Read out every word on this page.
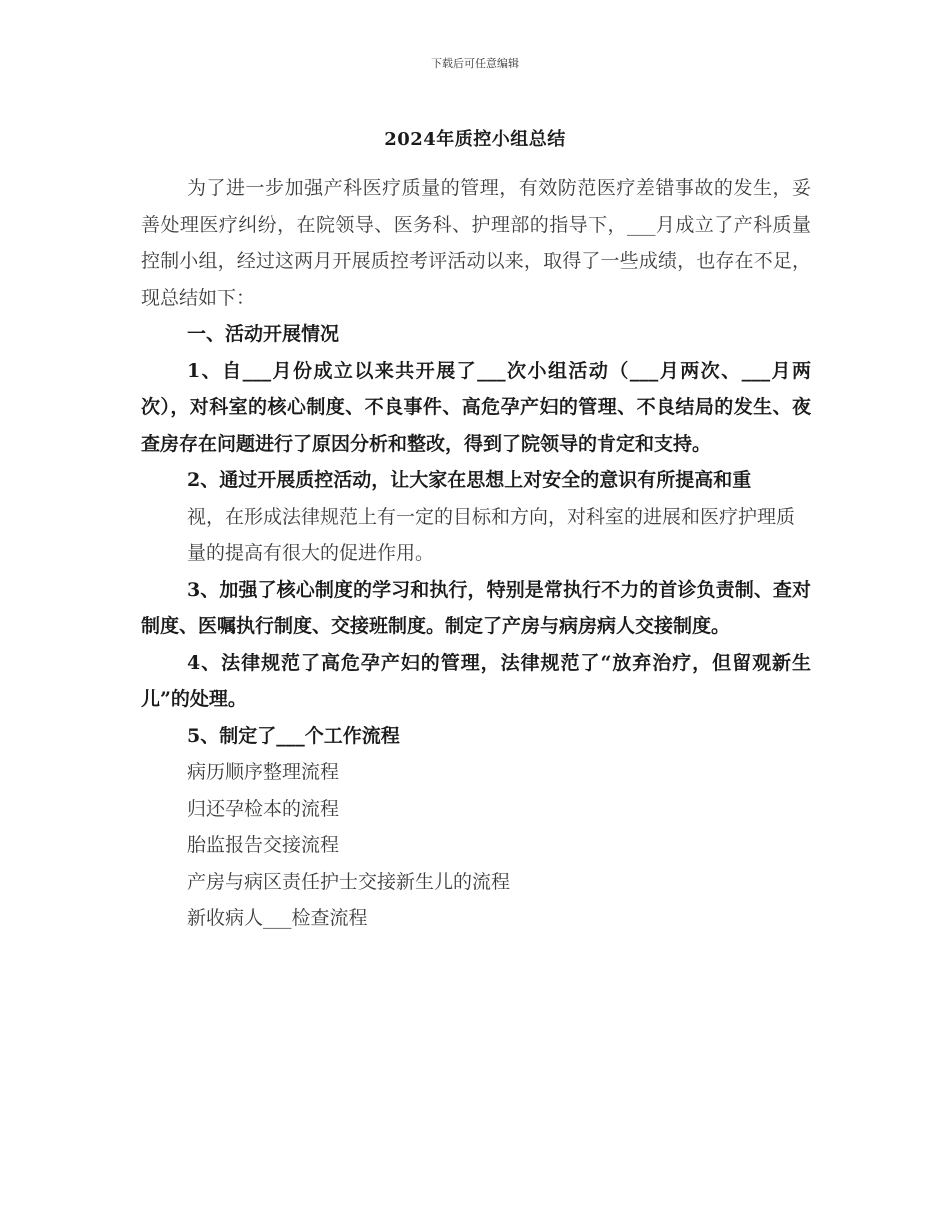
下载后可任意编辑
2024年质控小组总结

为了进一步加强产科医疗质量的管理，有效防范医疗差错事故的发生，妥善处理医疗纠纷，在院领导、医务科、护理部的指导下，___月成立了产科质量控制小组，经过这两月开展质控考评活动以来，取得了一些成绩，也存在不足，现总结如下：

一、活动开展情况

1、自___月份成立以来共开展了___次小组活动（___月两次、___月两次），对科室的核心制度、不良事件、高危孕产妇的管理、不良结局的发生、夜查房存在问题进行了原因分析和整改，得到了院领导的肯定和支持。

2、通过开展质控活动，让大家在思想上对安全的意识有所提高和重

视，在形成法律规范上有一定的目标和方向，对科室的进展和医疗护理质

量的提高有很大的促进作用。

3、加强了核心制度的学习和执行，特别是常执行不力的首诊负责制、查对制度、医嘱执行制度、交接班制度。制定了产房与病房病人交接制度。

4、法律规范了高危孕产妇的管理，法律规范了“放弃治疗，但留观新生儿”的处理。

5、制定了___个工作流程

病历顺序整理流程

归还孕检本的流程

胎监报告交接流程

产房与病区责任护士交接新生儿的流程

新收病人___检查流程
